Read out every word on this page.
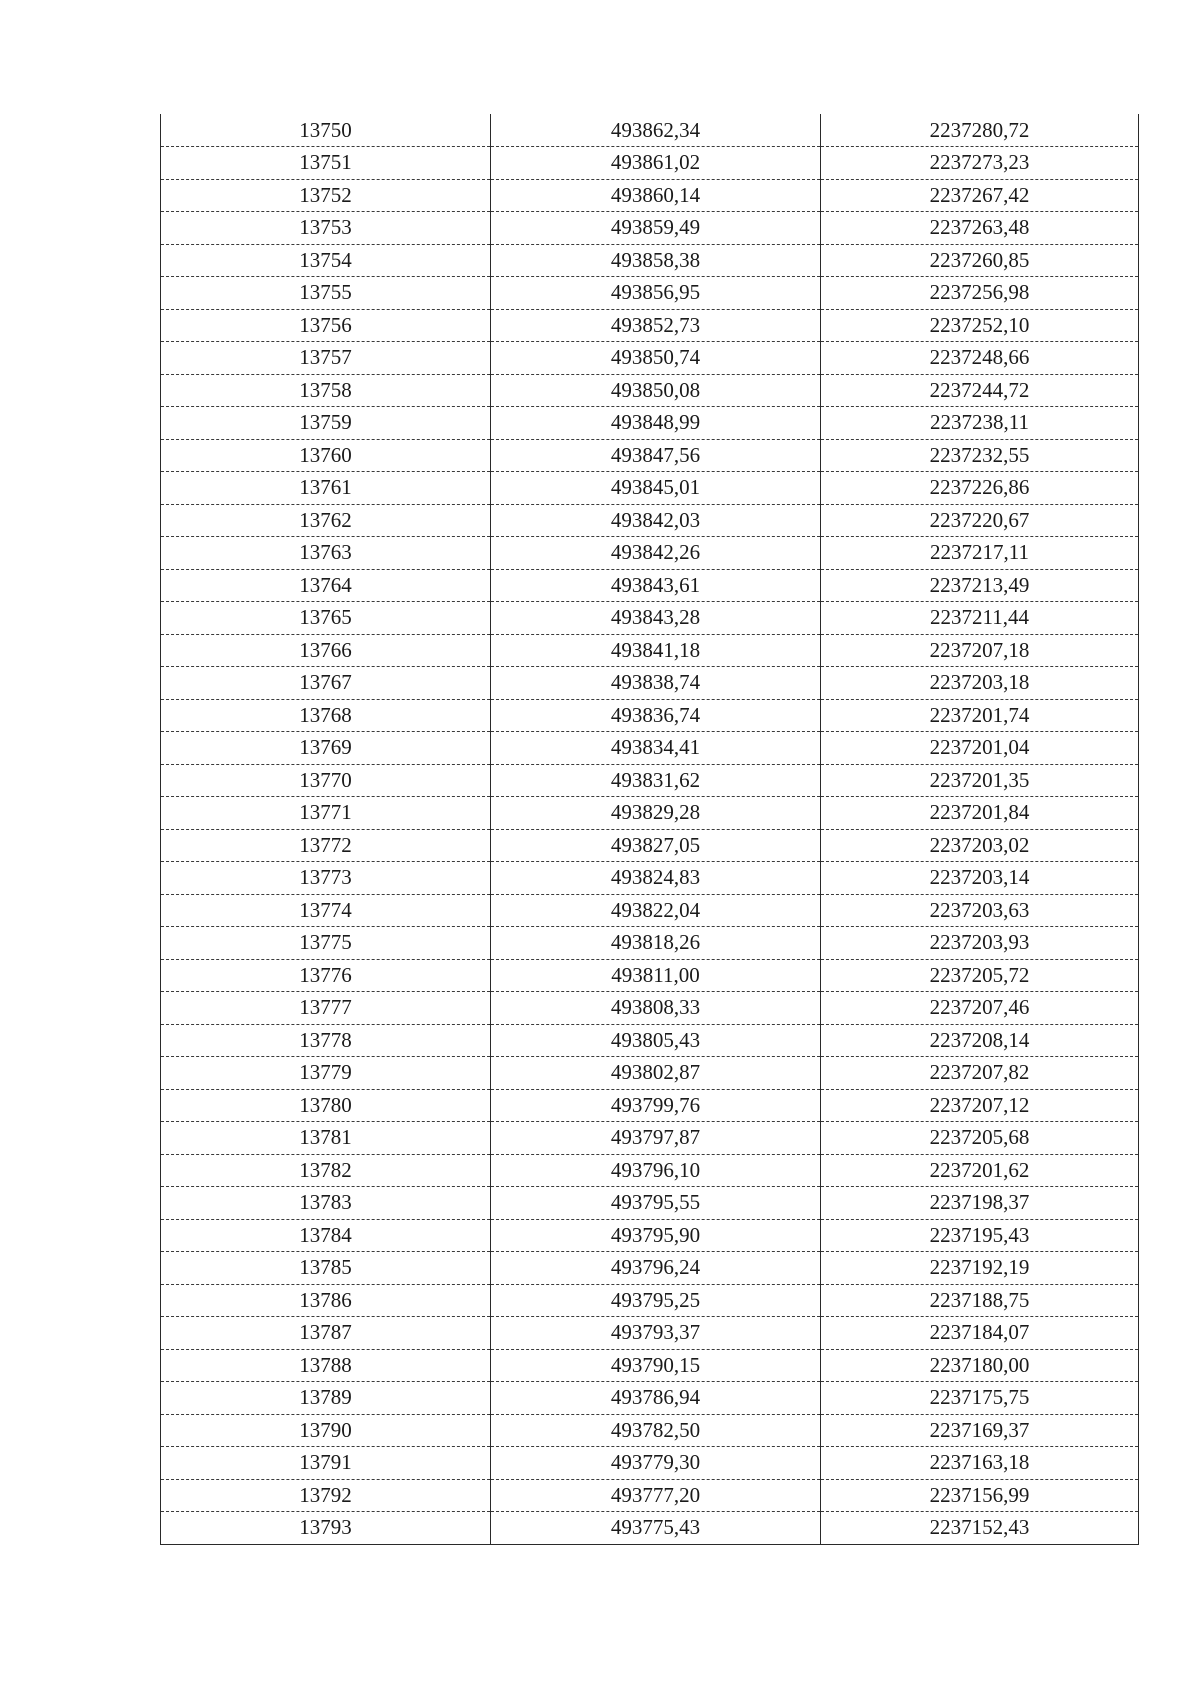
13750	493862,34	2237280,72
13751	493861,02	2237273,23
13752	493860,14	2237267,42
13753	493859,49	2237263,48
13754	493858,38	2237260,85
13755	493856,95	2237256,98
13756	493852,73	2237252,10
13757	493850,74	2237248,66
13758	493850,08	2237244,72
13759	493848,99	2237238,11
13760	493847,56	2237232,55
13761	493845,01	2237226,86
13762	493842,03	2237220,67
13763	493842,26	2237217,11
13764	493843,61	2237213,49
13765	493843,28	2237211,44
13766	493841,18	2237207,18
13767	493838,74	2237203,18
13768	493836,74	2237201,74
13769	493834,41	2237201,04
13770	493831,62	2237201,35
13771	493829,28	2237201,84
13772	493827,05	2237203,02
13773	493824,83	2237203,14
13774	493822,04	2237203,63
13775	493818,26	2237203,93
13776	493811,00	2237205,72
13777	493808,33	2237207,46
13778	493805,43	2237208,14
13779	493802,87	2237207,82
13780	493799,76	2237207,12
13781	493797,87	2237205,68
13782	493796,10	2237201,62
13783	493795,55	2237198,37
13784	493795,90	2237195,43
13785	493796,24	2237192,19
13786	493795,25	2237188,75
13787	493793,37	2237184,07
13788	493790,15	2237180,00
13789	493786,94	2237175,75
13790	493782,50	2237169,37
13791	493779,30	2237163,18
13792	493777,20	2237156,99
13793	493775,43	2237152,43
